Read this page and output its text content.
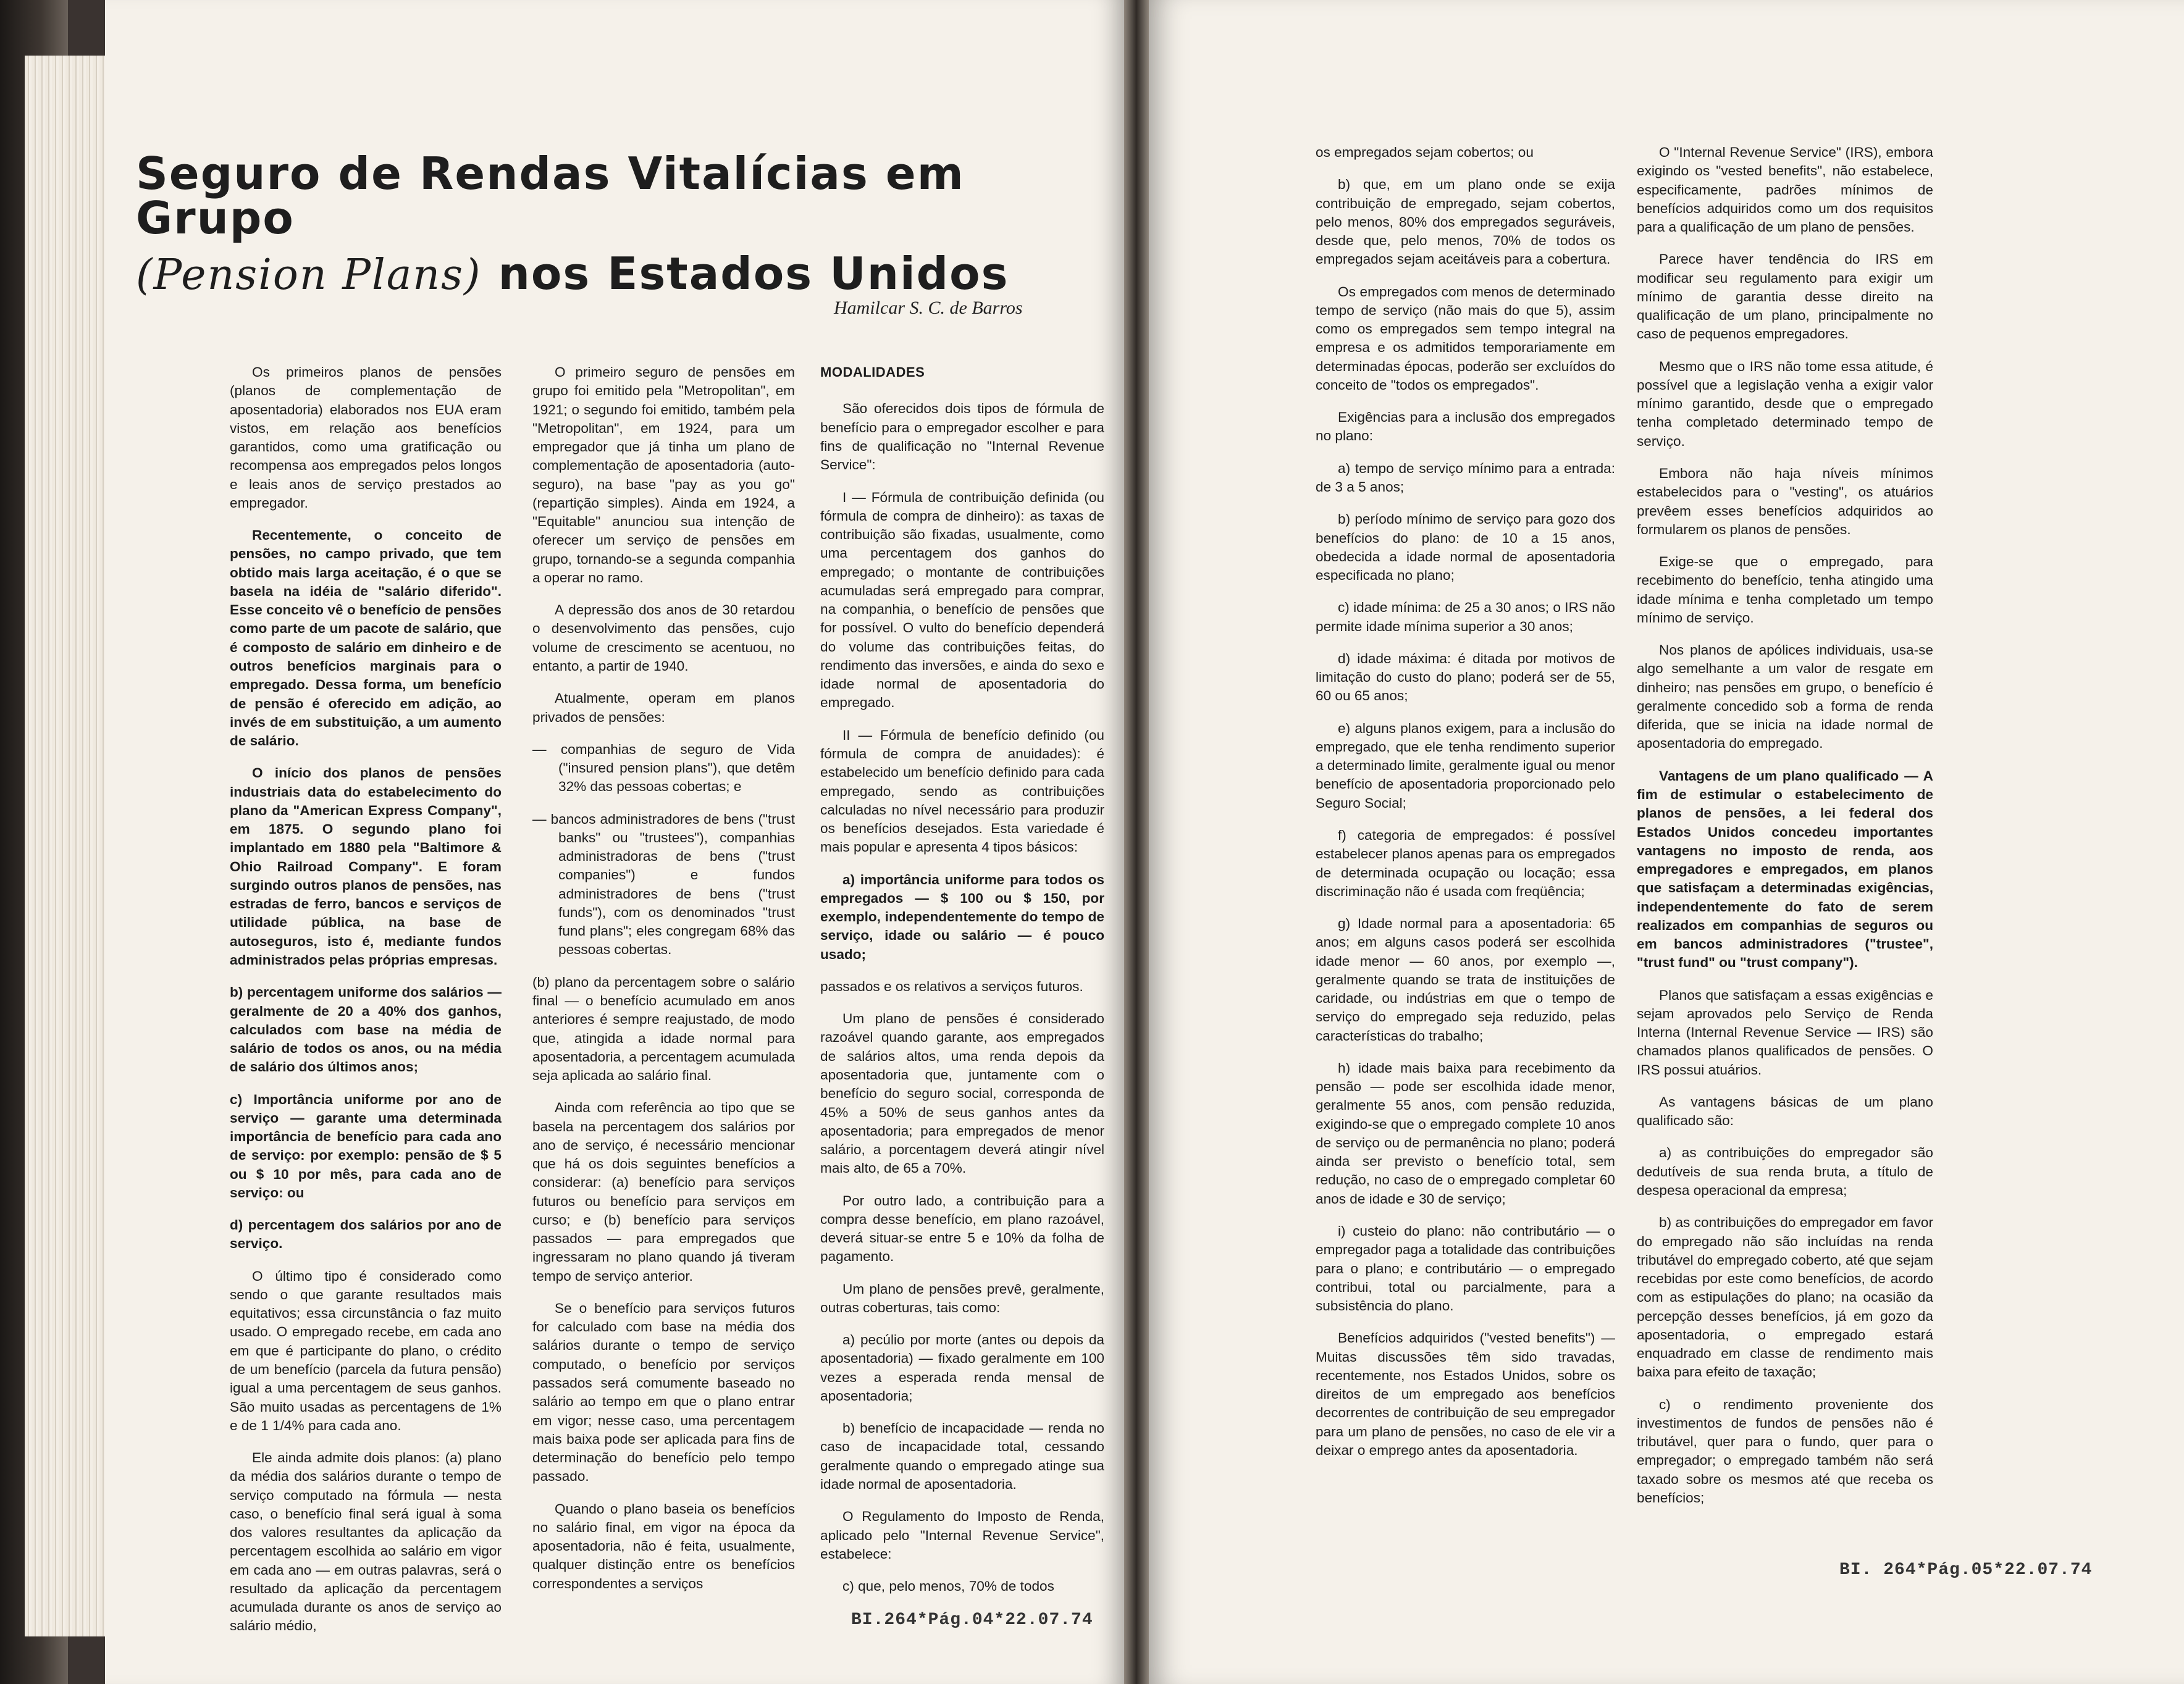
Seguro de Rendas Vitalícias em Grupo
(Pension Plans) nos Estados Unidos
Hamilcar S. C. de Barros

Os primeiros planos de pensões (planos de complementação de aposentadoria) elaborados nos EUA eram vistos, em relação aos benefícios garantidos, como uma gratificação ou recompensa aos empregados pelos longos e leais anos de serviço prestados ao empregador.

Recentemente, o conceito de pensões, no campo privado, que tem obtido mais larga aceitação, é o que se basela na idéia de "salário diferido". Esse conceito vê o benefício de pensões como parte de um pacote de salário, que é composto de salário em dinheiro e de outros benefícios marginais para o empregado. Dessa forma, um benefício de pensão é oferecido em adição, ao invés de em substituição, a um aumento de salário.

O início dos planos de pensões industriais data do estabelecimento do plano da "American Express Company", em 1875. O segundo plano foi implantado em 1880 pela "Baltimore & Ohio Railroad Company". E foram surgindo outros planos de pensões, nas estradas de ferro, bancos e serviços de utilidade pública, na base de autoseguros, isto é, mediante fundos administrados pelas próprias empresas.

b) percentagem uniforme dos salários — geralmente de 20 a 40% dos ganhos, calculados com base na média de salário de todos os anos, ou na média de salário dos últimos anos;

c) Importância uniforme por ano de serviço — garante uma determinada importância de benefício para cada ano de serviço: por exemplo: pensão de $ 5 ou $ 10 por mês, para cada ano de serviço: ou

d) percentagem dos salários por ano de serviço.

O último tipo é considerado como sendo o que garante resultados mais equitativos; essa circunstância o faz muito usado. O empregado recebe, em cada ano em que é participante do plano, o crédito de um benefício (parcela da futura pensão) igual a uma percentagem de seus ganhos. São muito usadas as percentagens de 1% e de 1 1/4% para cada ano.

Ele ainda admite dois planos: (a) plano da média dos salários durante o tempo de serviço computado na fórmula — nesta caso, o benefício final será igual à soma dos valores resultantes da aplicação da percentagem escolhida ao salário em vigor em cada ano — em outras palavras, será o resultado da aplicação da percentagem acumulada durante os anos de serviço ao salário médio,

O primeiro seguro de pensões em grupo foi emitido pela "Metropolitan", em 1921; o segundo foi emitido, também pela "Metropolitan", em 1924, para um empregador que já tinha um plano de complementação de aposentadoria (auto-seguro), na base "pay as you go" (repartição simples). Ainda em 1924, a "Equitable" anunciou sua intenção de oferecer um serviço de pensões em grupo, tornando-se a segunda companhia a operar no ramo.

A depressão dos anos de 30 retardou o desenvolvimento das pensões, cujo volume de crescimento se acentuou, no entanto, a partir de 1940.

Atualmente, operam em planos privados de pensões:

— companhias de seguro de Vida ("insured pension plans"), que detêm 32% das pessoas cobertas; e
— bancos administradores de bens ("trust banks" ou "trustees"), companhias administradoras de bens ("trust companies") e fundos administradores de bens ("trust funds"), com os denominados "trust fund plans"; eles congregam 68% das pessoas cobertas.

(b) plano da percentagem sobre o salário final — o benefício acumulado em anos anteriores é sempre reajustado, de modo que, atingida a idade normal para aposentadoria, a percentagem acumulada seja aplicada ao salário final.

Ainda com referência ao tipo que se basela na percentagem dos salários por ano de serviço, é necessário mencionar que há os dois seguintes benefícios a considerar: (a) benefício para serviços futuros ou benefício para serviços em curso; e (b) benefício para serviços passados — para empregados que ingressaram no plano quando já tiveram tempo de serviço anterior.

Se o benefício para serviços futuros for calculado com base na média dos salários durante o tempo de serviço computado, o benefício por serviços passados será comumente baseado no salário ao tempo em que o plano entrar em vigor; nesse caso, uma percentagem mais baixa pode ser aplicada para fins de determinação do benefício pelo tempo passado.

Quando o plano baseia os benefícios no salário final, em vigor na época da aposentadoria, não é feita, usualmente, qualquer distinção entre os benefícios correspondentes a serviços

MODALIDADES

São oferecidos dois tipos de fórmula de benefício para o empregador escolher e para fins de qualificação no "Internal Revenue Service":

I — Fórmula de contribuição definida (ou fórmula de compra de dinheiro): as taxas de contribuição são fixadas, usualmente, como uma percentagem dos ganhos do empregado; o montante de contribuições acumuladas será empregado para comprar, na companhia, o benefício de pensões que for possível. O vulto do benefício dependerá do volume das contribuições feitas, do rendimento das inversões, e ainda do sexo e idade normal de aposentadoria do empregado.

II — Fórmula de benefício definido (ou fórmula de compra de anuidades): é estabelecido um benefício definido para cada empregado, sendo as contribuições calculadas no nível necessário para produzir os benefícios desejados. Esta variedade é mais popular e apresenta 4 tipos básicos:

a) importância uniforme para todos os empregados — $ 100 ou $ 150, por exemplo, independentemente do tempo de serviço, idade ou salário — é pouco usado;

passados e os relativos a serviços futuros.

Um plano de pensões é considerado razoável quando garante, aos empregados de salários altos, uma renda depois da aposentadoria que, juntamente com o benefício do seguro social, corresponda de 45% a 50% de seus ganhos antes da aposentadoria; para empregados de menor salário, a porcentagem deverá atingir nível mais alto, de 65 a 70%.

Por outro lado, a contribuição para a compra desse benefício, em plano razoável, deverá situar-se entre 5 e 10% da folha de pagamento.

Um plano de pensões prevê, geralmente, outras coberturas, tais como:

a) pecúlio por morte (antes ou depois da aposentadoria) — fixado geralmente em 100 vezes a esperada renda mensal de aposentadoria;

b) benefício de incapacidade — renda no caso de incapacidade total, cessando geralmente quando o empregado atinge sua idade normal de aposentadoria.

O Regulamento do Imposto de Renda, aplicado pelo "Internal Revenue Service", estabelece:

c) que, pelo menos, 70% de todos

BI.264*Pág.04*22.07.74

os empregados sejam cobertos; ou

b) que, em um plano onde se exija contribuição de empregado, sejam cobertos, pelo menos, 80% dos empregados seguráveis, desde que, pelo menos, 70% de todos os empregados sejam aceitáveis para a cobertura.

Os empregados com menos de determinado tempo de serviço (não mais do que 5), assim como os empregados sem tempo integral na empresa e os admitidos temporariamente em determinadas épocas, poderão ser excluídos do conceito de "todos os empregados".

Exigências para a inclusão dos empregados no plano:

a) tempo de serviço mínimo para a entrada: de 3 a 5 anos;

b) período mínimo de serviço para gozo dos benefícios do plano: de 10 a 15 anos, obedecida a idade normal de aposentadoria especificada no plano;

c) idade mínima: de 25 a 30 anos; o IRS não permite idade mínima superior a 30 anos;

d) idade máxima: é ditada por motivos de limitação do custo do plano; poderá ser de 55, 60 ou 65 anos;

e) alguns planos exigem, para a inclusão do empregado, que ele tenha rendimento superior a determinado limite, geralmente igual ou menor benefício de aposentadoria proporcionado pelo Seguro Social;

f) categoria de empregados: é possível estabelecer planos apenas para os empregados de determinada ocupação ou locação; essa discriminação não é usada com freqüência;

g) Idade normal para a aposentadoria: 65 anos; em alguns casos poderá ser escolhida idade menor — 60 anos, por exemplo —, geralmente quando se trata de instituições de caridade, ou indústrias em que o tempo de serviço do empregado seja reduzido, pelas características do trabalho;

h) idade mais baixa para recebimento da pensão — pode ser escolhida idade menor, geralmente 55 anos, com pensão reduzida, exigindo-se que o empregado complete 10 anos de serviço ou de permanência no plano; poderá ainda ser previsto o benefício total, sem redução, no caso de o empregado completar 60 anos de idade e 30 de serviço;

i) custeio do plano: não contributário — o empregador paga a totalidade das contribuições para o plano; e contributário — o empregado contribui, total ou parcialmente, para a subsistência do plano.

Benefícios adquiridos ("vested benefits") — Muitas discussões têm sido travadas, recentemente, nos Estados Unidos, sobre os direitos de um empregado aos benefícios decorrentes de contribuição de seu empregador para um plano de pensões, no caso de ele vir a deixar o emprego antes da aposentadoria.

O "Internal Revenue Service" (IRS), embora exigindo os "vested benefits", não estabelece, especificamente, padrões mínimos de benefícios adquiridos como um dos requisitos para a qualificação de um plano de pensões.

Parece haver tendência do IRS em modificar seu regulamento para exigir um mínimo de garantia desse direito na qualificação de um plano, principalmente no caso de pequenos empregadores.

Mesmo que o IRS não tome essa atitude, é possível que a legislação venha a exigir valor mínimo garantido, desde que o empregado tenha completado determinado tempo de serviço.

Embora não haja níveis mínimos estabelecidos para o "vesting", os atuários prevêem esses benefícios adquiridos ao formularem os planos de pensões.

Exige-se que o empregado, para recebimento do benefício, tenha atingido uma idade mínima e tenha completado um tempo mínimo de serviço.

Nos planos de apólices individuais, usa-se algo semelhante a um valor de resgate em dinheiro; nas pensões em grupo, o benefício é geralmente concedido sob a forma de renda diferida, que se inicia na idade normal de aposentadoria do empregado.

Vantagens de um plano qualificado — A fim de estimular o estabelecimento de planos de pensões, a lei federal dos Estados Unidos concedeu importantes vantagens no imposto de renda, aos empregadores e empregados, em planos que satisfaçam a determinadas exigências, independentemente do fato de serem realizados em companhias de seguros ou em bancos administradores ("trustee", "trust fund" ou "trust company").

Planos que satisfaçam a essas exigências e sejam aprovados pelo Serviço de Renda Interna (Internal Revenue Service — IRS) são chamados planos qualificados de pensões. O IRS possui atuários.

As vantagens básicas de um plano qualificado são:

a) as contribuições do empregador são dedutíveis de sua renda bruta, a título de despesa operacional da empresa;

b) as contribuições do empregador em favor do empregado não são incluídas na renda tributável do empregado coberto, até que sejam recebidas por este como benefícios, de acordo com as estipulações do plano; na ocasião da percepção desses benefícios, já em gozo da aposentadoria, o empregado estará enquadrado em classe de rendimento mais baixa para efeito de taxação;

c) o rendimento proveniente dos investimentos de fundos de pensões não é tributável, quer para o fundo, quer para o empregador; o empregado também não será taxado sobre os mesmos até que receba os benefícios;

BI. 264*Pág.05*22.07.74
